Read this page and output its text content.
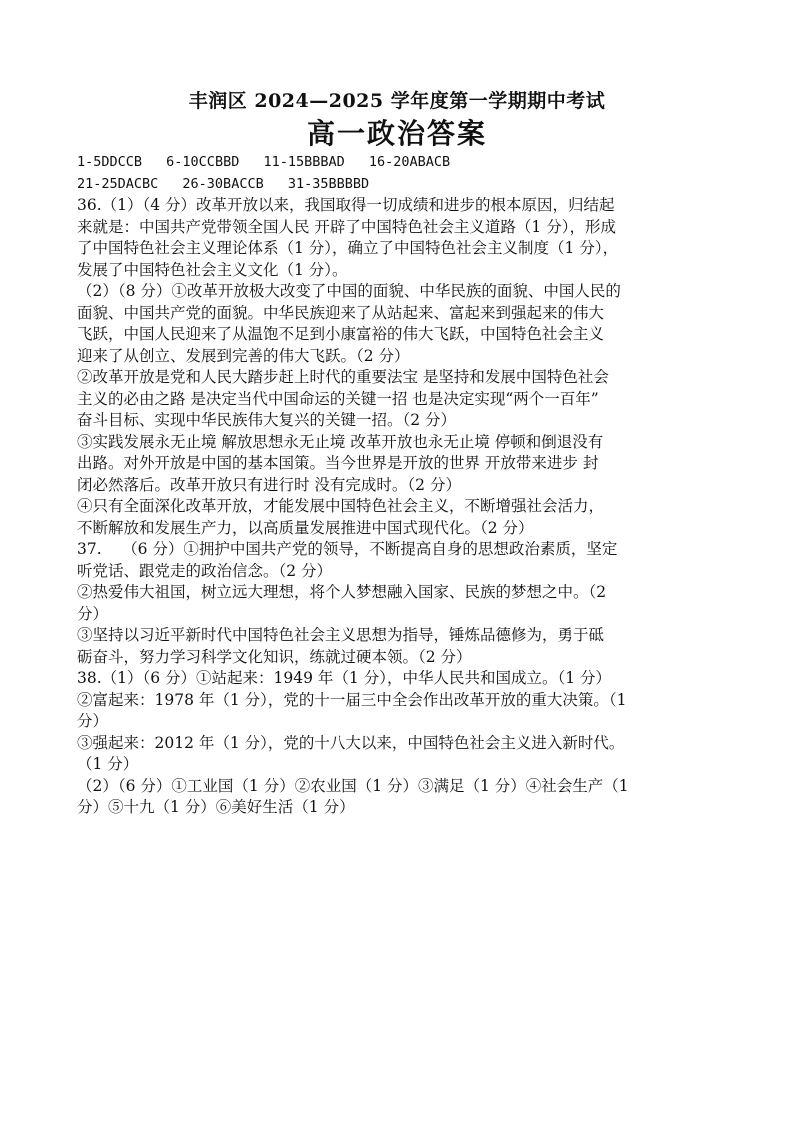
丰润区 2024—2025 学年度第一学期期中考试
高一政治答案
1-5DDCCB 6-10CCBBD 11-15BBBAD 16-20ABACB
21-25DACBC 26-30BACCB 31-35BBBBD
36.（1）（4 分）改革开放以来，我国取得一切成绩和进步的根本原因，归结起
来就是：中国共产党带领全国人民 开辟了中国特色社会主义道路（1 分），形成
了中国特色社会主义理论体系（1 分），确立了中国特色社会主义制度（1 分），
发展了中国特色社会主义文化（1 分）。
（2）（8 分）①改革开放极大改变了中国的面貌、中华民族的面貌、中国人民的
面貌、中国共产党的面貌。中华民族迎来了从站起来、富起来到强起来的伟大
飞跃，中国人民迎来了从温饱不足到小康富裕的伟大飞跃，中国特色社会主义
迎来了从创立、发展到完善的伟大飞跃。（2 分）
②改革开放是党和人民大踏步赶上时代的重要法宝 是坚持和发展中国特色社会
主义的必由之路 是决定当代中国命运的关键一招 也是决定实现“两个一百年”
奋斗目标、实现中华民族伟大复兴的关键一招。（2 分）
③实践发展永无止境 解放思想永无止境 改革开放也永无止境 停顿和倒退没有
出路。对外开放是中国的基本国策。当今世界是开放的世界 开放带来进步 封
闭必然落后。改革开放只有进行时 没有完成时。（2 分）
④只有全面深化改革开放，才能发展中国特色社会主义，不断增强社会活力，
不断解放和发展生产力，以高质量发展推进中国式现代化。（2 分）
37.　 （6 分）①拥护中国共产党的领导，不断提高自身的思想政治素质，坚定
听党话、跟党走的政治信念。（2 分）
②热爱伟大祖国，树立远大理想，将个人梦想融入国家、民族的梦想之中。（2
分）
③坚持以习近平新时代中国特色社会主义思想为指导，锤炼品德修为，勇于砥
砺奋斗，努力学习科学文化知识，练就过硬本领。（2 分）
38.（1）（6 分）①站起来：1949 年（1 分），中华人民共和国成立。（1 分）
②富起来：1978 年（1 分），党的十一届三中全会作出改革开放的重大决策。（1
分）
③强起来：2012 年（1 分），党的十八大以来，中国特色社会主义进入新时代。
（1 分）
（2）（6 分）①工业国（1 分）②农业国（1 分）③满足（1 分）④社会生产（1
分）⑤十九（1 分）⑥美好生活（1 分）
